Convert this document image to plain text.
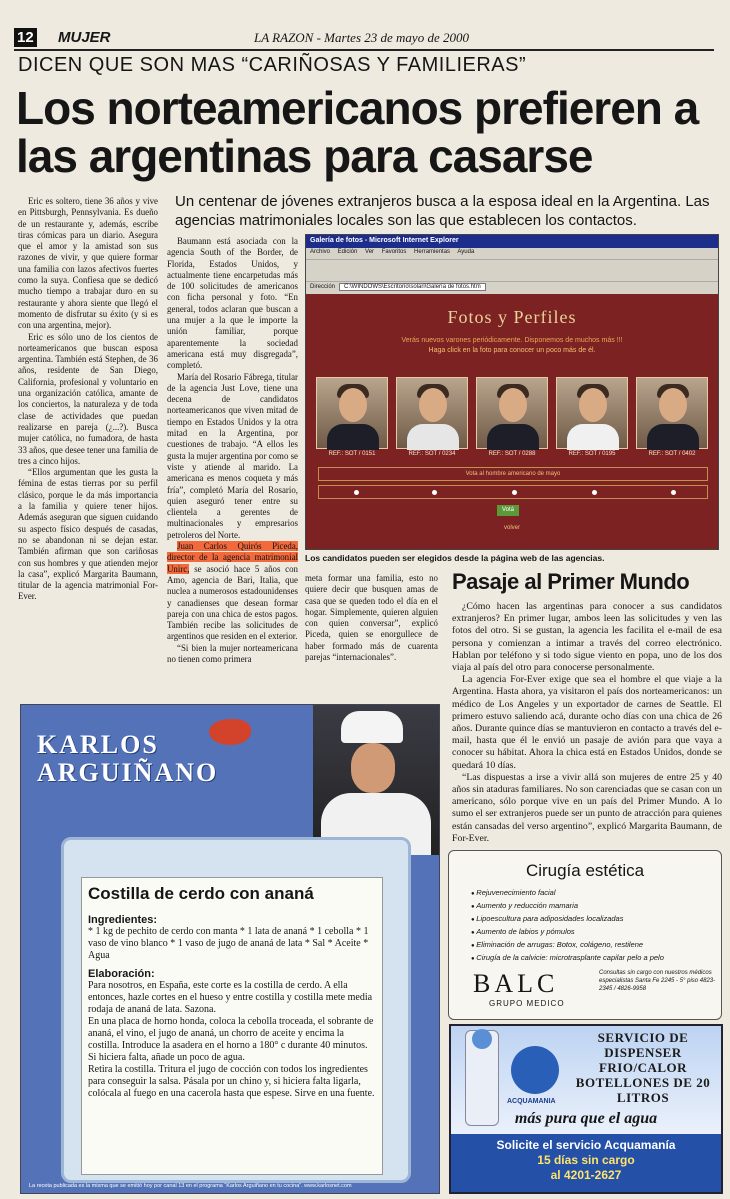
12 MUJER	LA RAZON - Martes 23 de mayo de 2000
DICEN QUE SON MAS “CARIÑOSAS Y FAMILIERAS”
Los norteamericanos prefieren a las argentinas para casarse
Un centenar de jóvenes extranjeros busca a la esposa ideal en la Argentina. Las agencias matrimoniales locales son las que establecen los contactos.

Eric es soltero, tiene 36 años y vive en Pittsburgh, Pennsylvania. Es dueño de un restaurante y, además, escribe tiras cómicas para un diario. Asegura que el amor y la amistad son sus razones de vivir, y que quiere formar una familia con lazos afectivos fuertes como la suya. Confiesa que se dedicó mucho tiempo a trabajar duro en su restaurante y ahora siente que llegó el momento de disfrutar su éxito (y si es con una argentina, mejor).

Eric es sólo uno de los cientos de norteamericanos que buscan esposa argentina. También está Stephen, de 36 años, residente de San Diego, California, profesional y voluntario en una organización católica, amante de los conciertos, la naturaleza y de toda clase de actividades que puedan realizarse en pareja (¿...?). Busca mujer católica, no fumadora, de hasta 33 años, que desee tener una familia de tres a cinco hijos.

“Ellos argumentan que les gusta la fémina de estas tierras por su perfil clásico, porque le da más importancia a la familia y quiere tener hijos. Además aseguran que siguen cuidando su aspecto físico después de casadas, no se abandonan ni se dejan estar. También afirman que son cariñosas con sus hombres y que atienden mejor la casa”, explicó Margarita Baumann, titular de la agencia matrimonial For-Ever.

Baumann está asociada con la agencia South of the Border, de Florida, Estados Unidos, y actualmente tiene encarpetudas más de 100 solicitudes de americanos con ficha personal y foto. “En general, todos aclaran que buscan a una mujer a la que le importe la unión familiar, porque aparentemente la sociedad americana está muy disgregada”, completó.

María del Rosario Fábrega, titular de la agencia Just Love, tiene una decena de candidatos norteamericanos que viven mitad de tiempo en Estados Unidos y la otra mitad en la Argentina, por cuestiones de trabajo. “A ellos les gusta la mujer argentina por como se viste y atiende al marido. La americana es menos coqueta y más fría”, completó María del Rosario, quien aseguró tener entre su clientela a gerentes de multinacionales y empresarios petroleros del Norte.

Juan Carlos Quirós Piceda, director de la agencia matrimonial Unirc, se asoció hace 5 años con Amo, agencia de Bari, Italia, que nuclea a numerosos estadounidenses y canadienses que desean formar pareja con una chica de estos pagos. También recibe las solicitudes de argentinos que residen en el exterior.

“Si bien la mujer norteamericana no tienen como primera

Galería de fotos - Microsoft Internet Explorer
Archivo Edición Ver Favoritos Herramientas Ayuda
Dirección C:\WINDOWS\Escritorio\solari\Galería de fotos.htm
Fotos y Perfiles
Verás nuevos varones periódicamente. Disponemos de muchos más !!!
Haga click en la foto para conocer un poco más de él.
REF.: SOT / 0151	REF.: SOT / 0234	REF.: SOT / 0288	REF.: SOT / 0195	REF.: SOT / 0402
Vota al hombre americano de mayo
Votá
volver
Los candidatos pueden ser elegidos desde la página web de las agencias.

meta formar una familia, esto no quiere decir que busquen amas de casa que se queden todo el día en el hogar. Simplemente, quieren alguien con quien conversar”, explicó Piceda, quien se enorgullece de haber formado más de cuarenta parejas “internacionales”.

Pasaje al Primer Mundo

¿Cómo hacen las argentinas para conocer a sus candidatos extranjeros? En primer lugar, ambos leen las solicitudes y ven las fotos del otro. Si se gustan, la agencia les facilita el e-mail de esa persona y comienzan a intimar a través del correo electrónico. Hablan por teléfono y si todo sigue viento en popa, uno de los dos viaja al país del otro para conocerse personalmente.

La agencia For-Ever exige que sea el hombre el que viaje a la Argentina. Hasta ahora, ya visitaron el país dos norteamericanos: un médico de Los Angeles y un exportador de carnes de Seattle. El primero estuvo saliendo acá, durante ocho días con una chica de 26 años. Durante quince días se mantuvieron en contacto a través del e-mail, hasta que él le envió un pasaje de avión para que vaya a conocer su hábitat. Ahora la chica está en Estados Unidos, donde se quedará 10 días.

“Las dispuestas a irse a vivir allá son mujeres de entre 25 y 40 años sin ataduras familiares. No son carenciadas que se casan con un americano, sólo porque vive en un país del Primer Mundo. A lo sumo el ser extranjeros puede ser un punto de atracción para quienes están cansadas del verso argentino”, explicó Margarita Baumann, de For-Ever.

KARLOS ARGUIÑANO
Costilla de cerdo con ananá
Ingredientes:
* 1 kg de pechito de cerdo con manta * 1 lata de ananá * 1 cebolla * 1 vaso de vino blanco * 1 vaso de jugo de ananá de lata * Sal * Aceite * Agua
Elaboración:
Para nosotros, en España, este corte es la costilla de cerdo. A ella entonces, hazle cortes en el hueso y entre costilla y costilla mete media rodaja de ananá de lata. Sazona.
En una placa de horno honda, coloca la cebolla troceada, el sobrante de ananá, el vino, el jugo de ananá, un chorro de aceite y encima la costilla. Introduce la asadera en el horno a 180° c durante 40 minutos. Si hiciera falta, añade un poco de agua.
Retira la costilla. Tritura el jugo de cocción con todos los ingredientes para conseguir la salsa. Pásala por un chino y, si hiciera falta ligarla, colócala al fuego en una cacerola hasta que espese. Sirve en una fuente.
La receta publicada es la misma que se emitió hoy por canal 13 en el programa “Karlos Arguiñano en tu cocina”. www.karlosnet.com
Cirugía estética
● Rejuvenecimiento facial
● Aumento y reducción mamaria
● Lipoescultura para adiposidades localizadas
● Aumento de labios y pómulos
● Eliminación de arrugas: Botox, colágeno, restilene
● Cirugía de la calvicie: microtrasplante capilar pelo a pelo
BALC
GRUPO MEDICO
Consultas sin cargo con nuestros médicos especialistas Santa Fe 2245 - 5° piso 4823-2345 / 4826-9958
ACQUAMANIA
SERVICIO DE DISPENSER FRIO/CALOR BOTELLONES DE 20 LITROS
más pura que el agua
Solicite el servicio Acquamanía
15 días sin cargo
al 4201-2627
